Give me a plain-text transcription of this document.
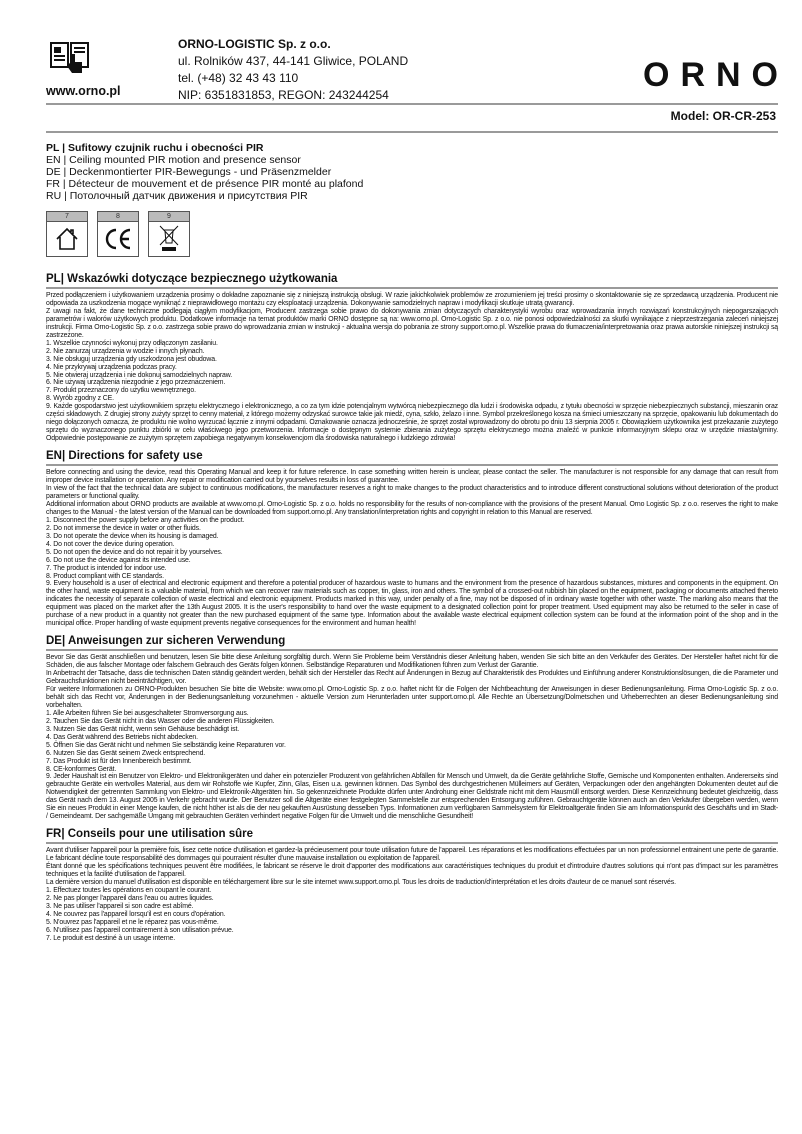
www.orno.pl
ORNO-LOGISTIC Sp. z o.o.
ul. Rolników 437, 44-141 Gliwice, POLAND
tel. (+48) 32 43 43 110
NIP: 6351831853, REGON: 243244254
ORNO
Model: OR-CR-253
PL | Sufitowy czujnik ruchu i obecności PIR
EN | Ceiling mounted PIR motion and presence sensor
DE | Deckenmontierter PIR-Bewegungs - und Präsenzmelder
FR | Détecteur de mouvement et de présence PIR monté au plafond
RU | Потолочный датчик движения и присутствия PIR
7	8	9
PL| Wskazówki dotyczące bezpiecznego użytkowania

Przed podłączeniem i użytkowaniem urządzenia prosimy o dokładne zapoznanie się z niniejszą instrukcją obsługi. W razie jakichkolwiek problemów ze zrozumieniem jej treści prosimy o skontaktowanie się ze sprzedawcą urządzenia. Producent nie odpowiada za uszkodzenia mogące wyniknąć z nieprawidłowego montażu czy eksploatacji urządzenia. Dokonywanie samodzielnych napraw i modyfikacji skutkuje utratą gwarancji.

Z uwagi na fakt, że dane techniczne podlegają ciągłym modyfikacjom, Producent zastrzega sobie prawo do dokonywania zmian dotyczących charakterystyki wyrobu oraz wprowadzania innych rozwiązań konstrukcyjnych niepogarszających parametrów i walorów użytkowych produktu. Dodatkowe informacje na temat produktów marki ORNO dostępne są na: www.orno.pl. Orno-Logistic Sp. z o.o. nie ponosi odpowiedzialności za skutki wynikające z nieprzestrzegania zaleceń niniejszej instrukcji. Firma Orno-Logistic Sp. z o.o. zastrzega sobie prawo do wprowadzania zmian w instrukcji - aktualna wersja do pobrania ze strony support.orno.pl. Wszelkie prawa do tłumaczenia/interpretowania oraz prawa autorskie niniejszej instrukcji są zastrzeżone.

1. Wszelkie czynności wykonuj przy odłączonym zasilaniu.
2. Nie zanurzaj urządzenia w wodzie i innych płynach.
3. Nie obsługuj urządzenia gdy uszkodzona jest obudowa.
4. Nie przykrywaj urządzenia podczas pracy.
5. Nie otwieraj urządzenia i nie dokonuj samodzielnych napraw.
6. Nie używaj urządzenia niezgodnie z jego przeznaczeniem.
7. Produkt przeznaczony do użytku wewnętrznego.
8. Wyrób zgodny z CE.

9. Każde gospodarstwo jest użytkownikiem sprzętu elektrycznego i elektronicznego, a co za tym idzie potencjalnym wytwórcą niebezpiecznego dla ludzi i środowiska odpadu, z tytułu obecności w sprzęcie niebezpiecznych substancji, mieszanin oraz części składowych. Z drugiej strony zużyty sprzęt to cenny materiał, z którego możemy odzyskać surowce takie jak miedź, cyna, szkło, żelazo i inne. Symbol przekreślonego kosza na śmieci umieszczany na sprzęcie, opakowaniu lub dokumentach do niego dołączonych oznacza, że produktu nie wolno wyrzucać łącznie z innymi odpadami. Oznakowanie oznacza jednocześnie, że sprzęt został wprowadzony do obrotu po dniu 13 sierpnia 2005 r. Obowiązkiem użytkownika jest przekazanie zużytego sprzętu do wyznaczonego punktu zbiórki w celu właściwego jego przetworzenia. Informacje o dostępnym systemie zbierania zużytego sprzętu elektrycznego można znaleźć w punkcie informacyjnym sklepu oraz w urzędzie miasta/gminy. Odpowiednie postępowanie ze zużytym sprzętem zapobiega negatywnym konsekwencjom dla środowiska naturalnego i ludzkiego zdrowia!

EN| Directions for safety use

Before connecting and using the device, read this Operating Manual and keep it for future reference. In case something written herein is unclear, please contact the seller. The manufacturer is not responsible for any damage that can result from improper device installation or operation. Any repair or modification carried out by yourselves results in loss of guarantee.

In view of the fact that the technical data are subject to continuous modifications, the manufacturer reserves a right to make changes to the product characteristics and to introduce different constructional solutions without deterioration of the product parameters or functional quality.

Additional information about ORNO products are available at www.orno.pl. Orno-Logistic Sp. z o.o. holds no responsibility for the results of non-compliance with the provisions of the present Manual. Orno Logistic Sp. z o.o. reserves the right to make changes to the Manual - the latest version of the Manual can be downloaded from support.orno.pl. Any translation/interpretation rights and copyright in relation to this Manual are reserved.

1. Disconnect the power supply before any activities on the product.
2. Do not immerse the device in water or other fluids.
3. Do not operate the device when its housing is damaged.
4. Do not cover the device during operation.
5. Do not open the device and do not repair it by yourselves.
6. Do not use the device against its intended use.
7. The product is intended for indoor use.
8. Product compliant with CE standards.

9. Every household is a user of electrical and electronic equipment and therefore a potential producer of hazardous waste to humans and the environment from the presence of hazardous substances, mixtures and components in the equipment. On the other hand, waste equipment is a valuable material, from which we can recover raw materials such as copper, tin, glass, iron and others. The symbol of a crossed-out rubbish bin placed on the equipment, packaging or documents attached thereto indicates the necessity of separate collection of waste electrical and electronic equipment. Products marked in this way, under penalty of a fine, may not be disposed of in ordinary waste together with other waste. The marking also means that the equipment was placed on the market after the 13th August 2005. It is the user's responsibility to hand over the waste equipment to a designated collection point for proper treatment. Used equipment may also be returned to the seller in case of purchase of a new product in a quantity not greater than the new purchased equipment of the same type. Information about the available waste electrical equipment collection system can be found at the information point of the shop and in the municipal office. Proper handling of waste equipment prevents negative consequences for the environment and human health!

DE| Anweisungen zur sicheren Verwendung

Bevor Sie das Gerät anschließen und benutzen, lesen Sie bitte diese Anleitung sorgfältig durch. Wenn Sie Probleme beim Verständnis dieser Anleitung haben, wenden Sie sich bitte an den Verkäufer des Gerätes. Der Hersteller haftet nicht für die Schäden, die aus falscher Montage oder falschem Gebrauch des Geräts folgen können. Selbständige Reparaturen und Modifikationen führen zum Verlust der Garantie.

In Anbetracht der Tatsache, dass die technischen Daten ständig geändert werden, behält sich der Hersteller das Recht auf Änderungen in Bezug auf Charakteristik des Produktes und Einführung anderer Konstruktionslösungen, die die Parameter und Gebrauchsfunktionen nicht beeinträchtigen, vor.

Für weitere Informationen zu ORNO-Produkten besuchen Sie bitte die Website: www.orno.pl. Orno-Logistic Sp. z o.o. haftet nicht für die Folgen der Nichtbeachtung der Anweisungen in dieser Bedienungsanleitung. Firma Orno-Logistic Sp. z o.o. behält sich das Recht vor, Änderungen in der Bedienungsanleitung vorzunehmen - aktuelle Version zum Herunterladen unter support.orno.pl. Alle Rechte an Übersetzung/Dolmetschen und Urheberrechten an dieser Bedienungsanleitung sind vorbehalten.

1. Alle Arbeiten führen Sie bei ausgeschalteter Stromversorgung aus.
2. Tauchen Sie das Gerät nicht in das Wasser oder die anderen Flüssigkeiten.
3. Nutzen Sie das Gerät nicht, wenn sein Gehäuse beschädigt ist.
4. Das Gerät während des Betriebs nicht abdecken.
5. Öffnen Sie das Gerät nicht und nehmen Sie selbständig keine Reparaturen vor.
6. Nutzen Sie das Gerät seinem Zweck entsprechend.
7. Das Produkt ist für den Innenbereich bestimmt.
8. CE-konformes Gerät.

9. Jeder Haushalt ist ein Benutzer von Elektro- und Elektronikgeräten und daher ein potenzieller Produzent von gefährlichen Abfällen für Mensch und Umwelt, da die Geräte gefährliche Stoffe, Gemische und Komponenten enthalten. Andererseits sind gebrauchte Geräte ein wertvolles Material, aus dem wir Rohstoffe wie Kupfer, Zinn, Glas, Eisen u.a. gewinnen können. Das Symbol des durchgestrichenen Mülleimers auf Geräten, Verpackungen oder den angehängten Dokumenten deutet auf die Notwendigkeit der getrennten Sammlung von Elektro- und Elektronik-Altgeräten hin. So gekennzeichnete Produkte dürfen unter Androhung einer Geldstrafe nicht mit dem Hausmüll entsorgt werden. Diese Kennzeichnung bedeutet gleichzeitig, dass das Gerät nach dem 13. August 2005 in Verkehr gebracht wurde. Der Benutzer soll die Altgeräte einer festgelegten Sammelstelle zur entsprechenden Entsorgung zuführen. Gebrauchtgeräte können auch an den Verkäufer übergeben werden, wenn Sie ein neues Produkt in einer Menge kaufen, die nicht höher ist als die der neu gekauften Ausrüstung desselben Typs. Informationen zum verfügbaren Sammelsystem für Elektroaltgeräte finden Sie am Informationspunkt des Geschäfts und im Stadt- / Gemeindeamt. Der sachgemäße Umgang mit gebrauchten Geräten verhindert negative Folgen für die Umwelt und die menschliche Gesundheit!

FR| Conseils pour une utilisation sûre

Avant d'utiliser l'appareil pour la première fois, lisez cette notice d'utilisation et gardez-la précieusement pour toute utilisation future de l'appareil. Les réparations et les modifications effectuées par un non professionnel entrainent une perte de garantie. Le fabricant décline toute responsabilité des dommages qui pourraient résulter d'une mauvaise installation ou exploitation de l'appareil.

Étant donné que les spécifications techniques peuvent être modifiées, le fabricant se réserve le droit d'apporter des modifications aux caractéristiques techniques du produit et d'introduire d'autres solutions qui n'ont pas d'impact sur les paramètres techniques et la facilité d'utilisation de l'appareil.

La dernière version du manuel d'utilisation est disponible en téléchargement libre sur le site internet www.support.orno.pl. Tous les droits de traduction/d'interprétation et les droits d'auteur de ce manuel sont réservés.

1. Effectuez toutes les opérations en coupant le courant.
2. Ne pas plonger l'appareil dans l'eau ou autres liquides.
3. Ne pas utiliser l'appareil si son cadre est abîmé.
4. Ne couvrez pas l'appareil lorsqu'il est en cours d'opération.
5. N'ouvrez pas l'appareil et ne le réparez pas vous-même.
6. N'utilisez pas l'appareil contrairement à son utilisation prévue.
7. Le produit est destiné à un usage interne.
